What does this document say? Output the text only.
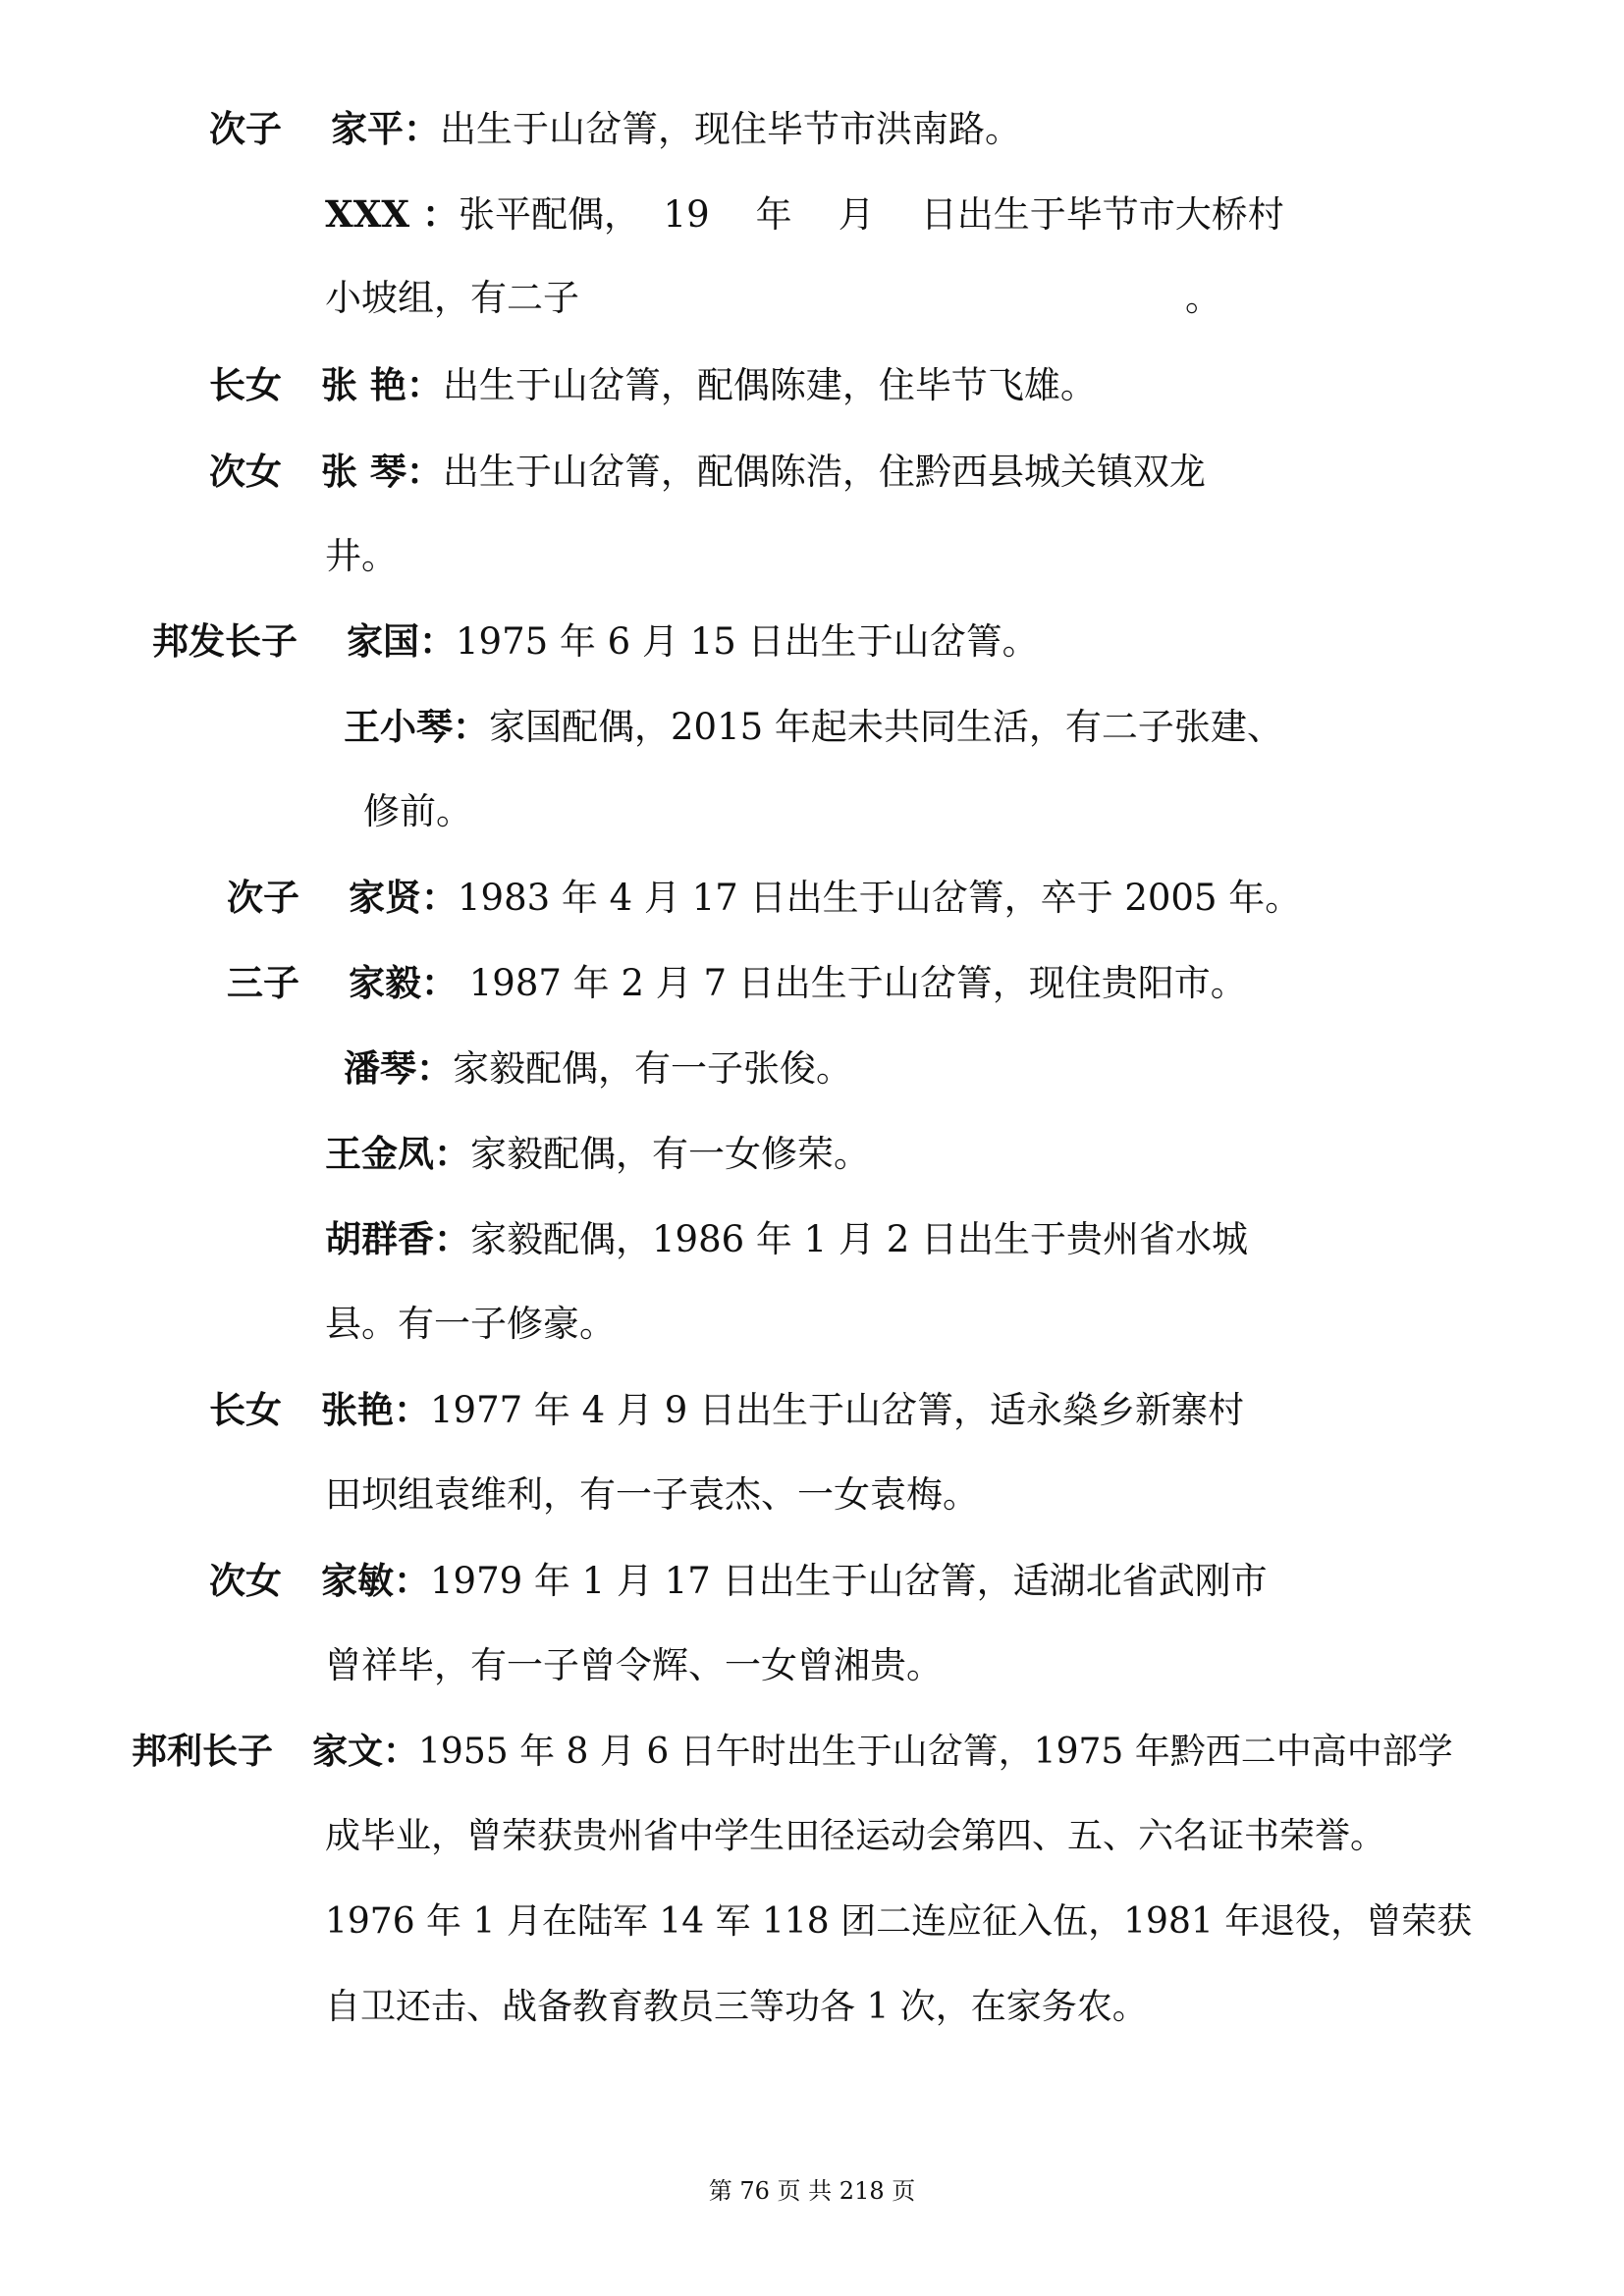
次子 家平：出生于山岔箐，现住毕节市洪南路。
XXX ：张平配偶，  19    年    月    日出生于毕节市大桥村
小坡组，有二子	。
长女 张 艳：出生于山岔箐，配偶陈建，住毕节飞雄。
次女 张 琴：出生于山岔箐，配偶陈浩，住黔西县城关镇双龙
井。
邦发长子 家国：1975 年 6 月 15 日出生于山岔箐。
王小琴：家国配偶，2015 年起未共同生活，有二子张建、
修前。
次子 家贤：1983 年 4 月 17 日出生于山岔箐，卒于 2005 年。
三子 家毅： 1987 年 2 月 7 日出生于山岔箐，现住贵阳市。
潘琴：家毅配偶，有一子张俊。
王金凤：家毅配偶，有一女修荣。
胡群香：家毅配偶，1986 年 1 月 2 日出生于贵州省水城
县。有一子修豪。
长女 张艳：1977 年 4 月 9 日出生于山岔箐，适永燊乡新寨村
田坝组袁维利，有一子袁杰、一女袁梅。
次女 家敏：1979 年 1 月 17 日出生于山岔箐，适湖北省武刚市
曾祥毕，有一子曾令辉、一女曾湘贵。
邦利长子 家文：1955 年 8 月 6 日午时出生于山岔箐，1975 年黔西二中高中部学
成毕业，曾荣获贵州省中学生田径运动会第四、五、六名证书荣誉。
1976 年 1 月在陆军 14 军 118 团二连应征入伍，1981 年退役，曾荣获
自卫还击、战备教育教员三等功各 1 次，在家务农。
第 76 页 共 218 页
